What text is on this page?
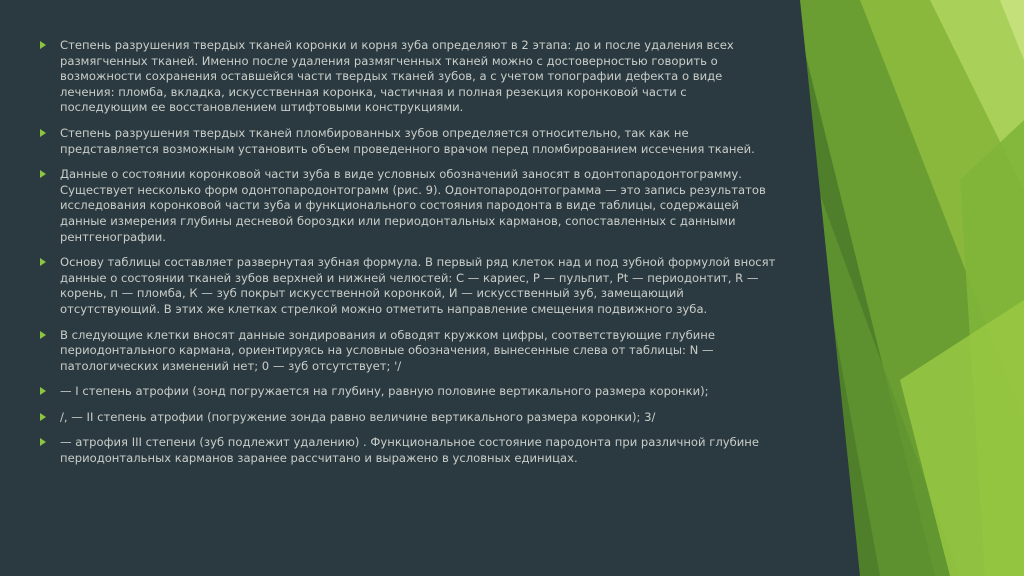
Степень разрушения твердых тканей коронки и корня зуба определяют в 2 этапа: до и после удаления всех размягченных тканей. Именно после удаления размягченных тканей можно с достоверностью говорить о возможности сохранения оставшейся части твердых тканей зубов, а с учетом топографии дефекта о виде лечения: пломба, вкладка, искусственная коронка, частичная и полная резекция коронковой части с последующим ее восстановлением штифтовыми конструкциями.
Степень разрушения твердых тканей пломбированных зубов определяется относительно, так как не представляется возможным установить объем проведенного врачом перед пломбированием иссечения тканей.
Данные о состоянии коронковой части зуба в виде условных обозначений заносят в одонтопародонтограмму. Существует несколько форм одонтопародонтограмм (рис. 9). Одонтопародонтограмма — это запись результатов исследования коронковой части зуба и функционального состояния пародонта в виде таблицы, содержащей данные измерения глубины десневой бороздки или периодонтальных карманов, сопоставленных с данными рентгенографии.
Основу таблицы составляет развернутая зубная формула. В первый ряд клеток над и под зубной формулой вносят данные о состоянии тканей зубов верхней и нижней челюстей: С — кариес, Р — пульпит, Pt — периодонтит, R — корень, п — пломба, К — зуб покрыт искусственной коронкой, И — искусственный зуб, замещающий отсутствующий. В этих же клетках стрелкой можно отметить направление смещения подвижного зуба.
В следующие клетки вносят данные зондирования и обводят кружком цифры, соответствующие глубине периодонтального кармана, ориентируясь на условные обозначения, вынесенные слева от таблицы: N — патологических изменений нет; 0 — зуб отсутствует; '/
— I степень атрофии (зонд погружается на глубину, равную половине вертикального размера коронки);
/, — II степень атрофии (погружение зонда равно величине вертикального размера коронки); 3/
— атрофия III степени (зуб подлежит удалению) . Функциональное состояние пародонта при различной глубине периодонтальных карманов заранее рассчитано и выражено в условных единицах.
